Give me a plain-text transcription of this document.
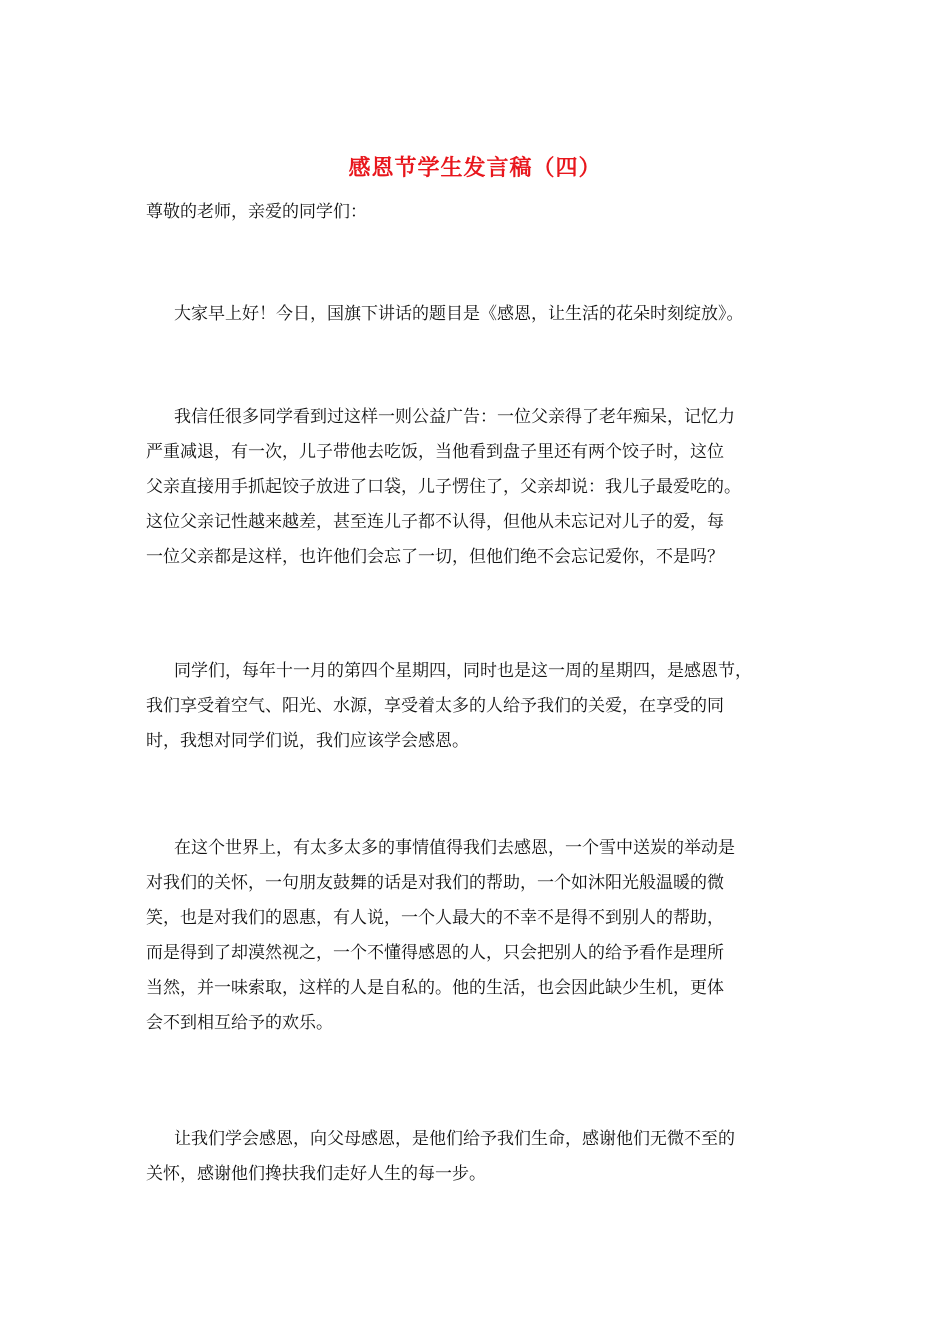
感恩节学生发言稿（四）
尊敬的老师，亲爱的同学们：

大家早上好！今日，国旗下讲话的题目是《感恩，让生活的花朵时刻绽放》。

我信任很多同学看到过这样一则公益广告：一位父亲得了老年痴呆，记忆力
严重减退，有一次，儿子带他去吃饭，当他看到盘子里还有两个饺子时，这位
父亲直接用手抓起饺子放进了口袋，儿子愣住了，父亲却说：我儿子最爱吃的。
这位父亲记性越来越差，甚至连儿子都不认得，但他从未忘记对儿子的爱，每
一位父亲都是这样，也许他们会忘了一切，但他们绝不会忘记爱你，不是吗？

同学们，每年十一月的第四个星期四，同时也是这一周的星期四，是感恩节，
我们享受着空气、阳光、水源，享受着太多的人给予我们的关爱，在享受的同
时，我想对同学们说，我们应该学会感恩。

在这个世界上，有太多太多的事情值得我们去感恩，一个雪中送炭的举动是
对我们的关怀，一句朋友鼓舞的话是对我们的帮助，一个如沐阳光般温暖的微
笑，也是对我们的恩惠，有人说，一个人最大的不幸不是得不到别人的帮助，
而是得到了却漠然视之，一个不懂得感恩的人，只会把别人的给予看作是理所
当然，并一味索取，这样的人是自私的。他的生活，也会因此缺少生机，更体
会不到相互给予的欢乐。

让我们学会感恩，向父母感恩，是他们给予我们生命，感谢他们无微不至的
关怀，感谢他们搀扶我们走好人生的每一步。
